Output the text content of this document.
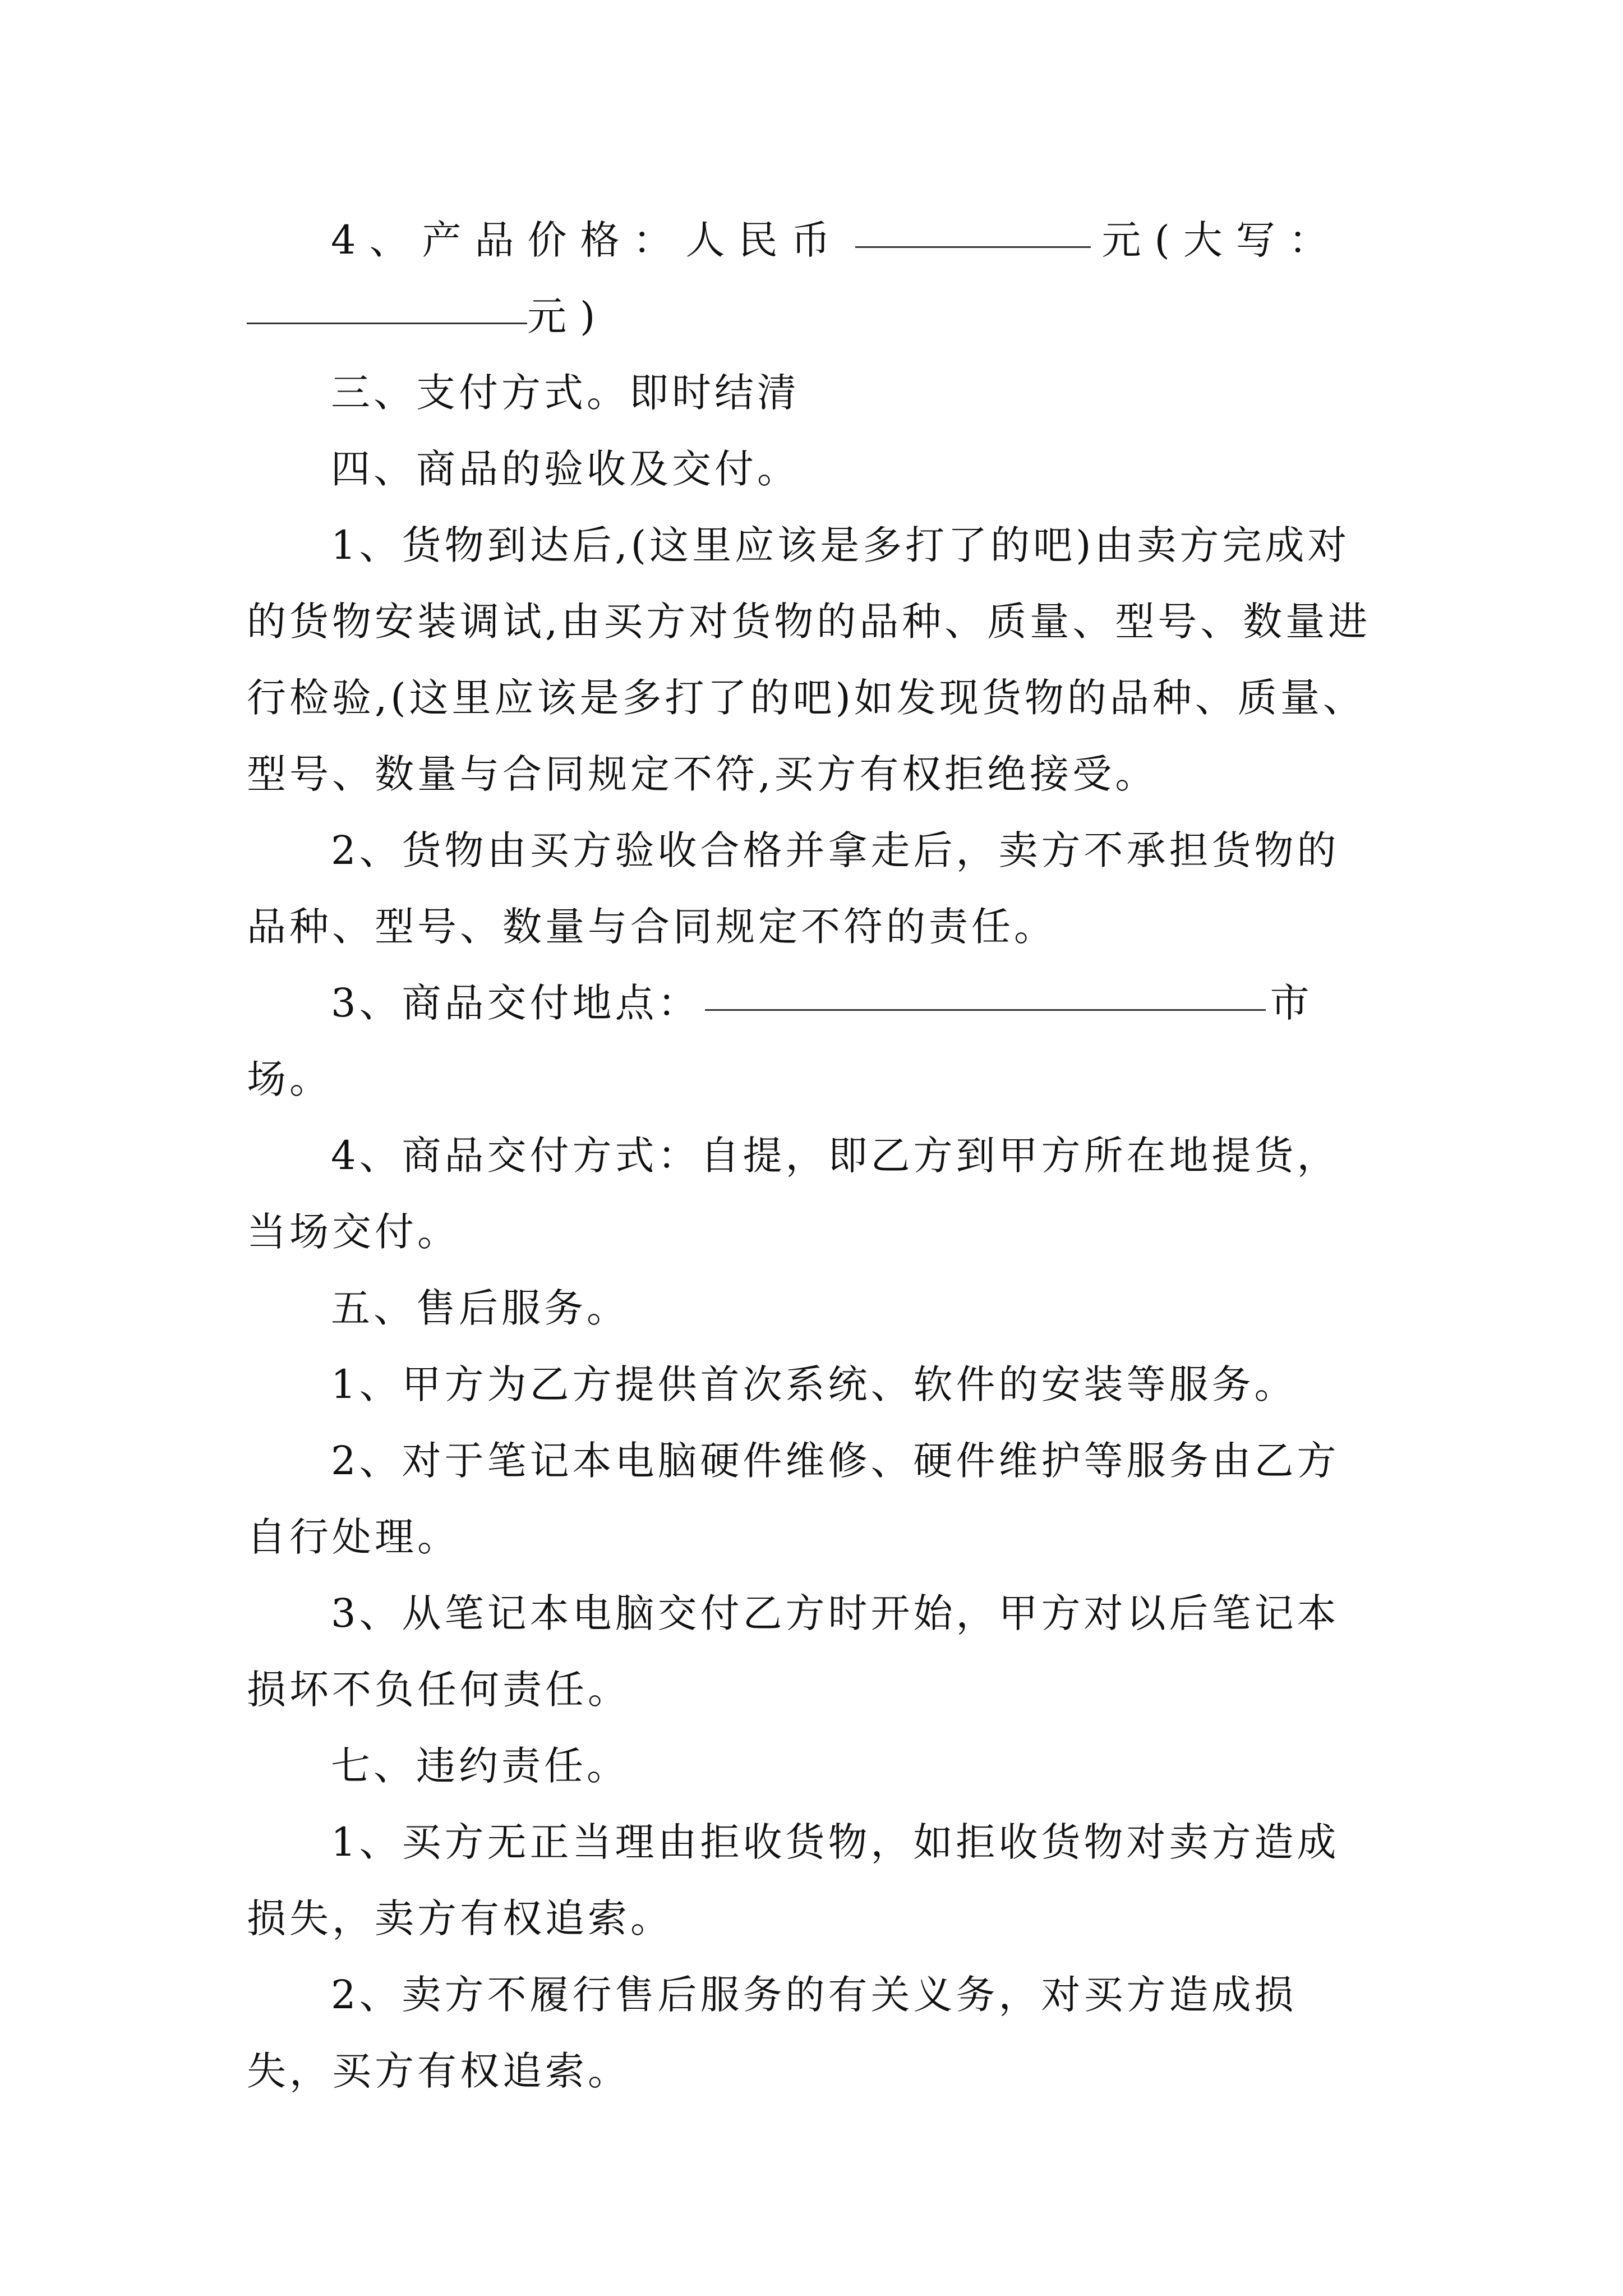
4、产品价格：人民币	元(大写：
元)

三、支付方式。即时结清

四、商品的验收及交付。

1、货物到达后,(这里应该是多打了的吧)由卖方完成对的货物安装调试,由买方对货物的品种、质量、型号、数量进行检验,(这里应该是多打了的吧)如发现货物的品种、质量、型号、数量与合同规定不符,买方有权拒绝接受。

2、货物由买方验收合格并拿走后，卖方不承担货物的品种、型号、数量与合同规定不符的责任。

3、商品交付地点：	市场。

4、商品交付方式：自提，即乙方到甲方所在地提货，当场交付。

五、售后服务。

1、甲方为乙方提供首次系统、软件的安装等服务。

2、对于笔记本电脑硬件维修、硬件维护等服务由乙方自行处理。

3、从笔记本电脑交付乙方时开始，甲方对以后笔记本损坏不负任何责任。

七、违约责任。

1、买方无正当理由拒收货物，如拒收货物对卖方造成损失，卖方有权追索。

2、卖方不履行售后服务的有关义务，对买方造成损失，买方有权追索。
